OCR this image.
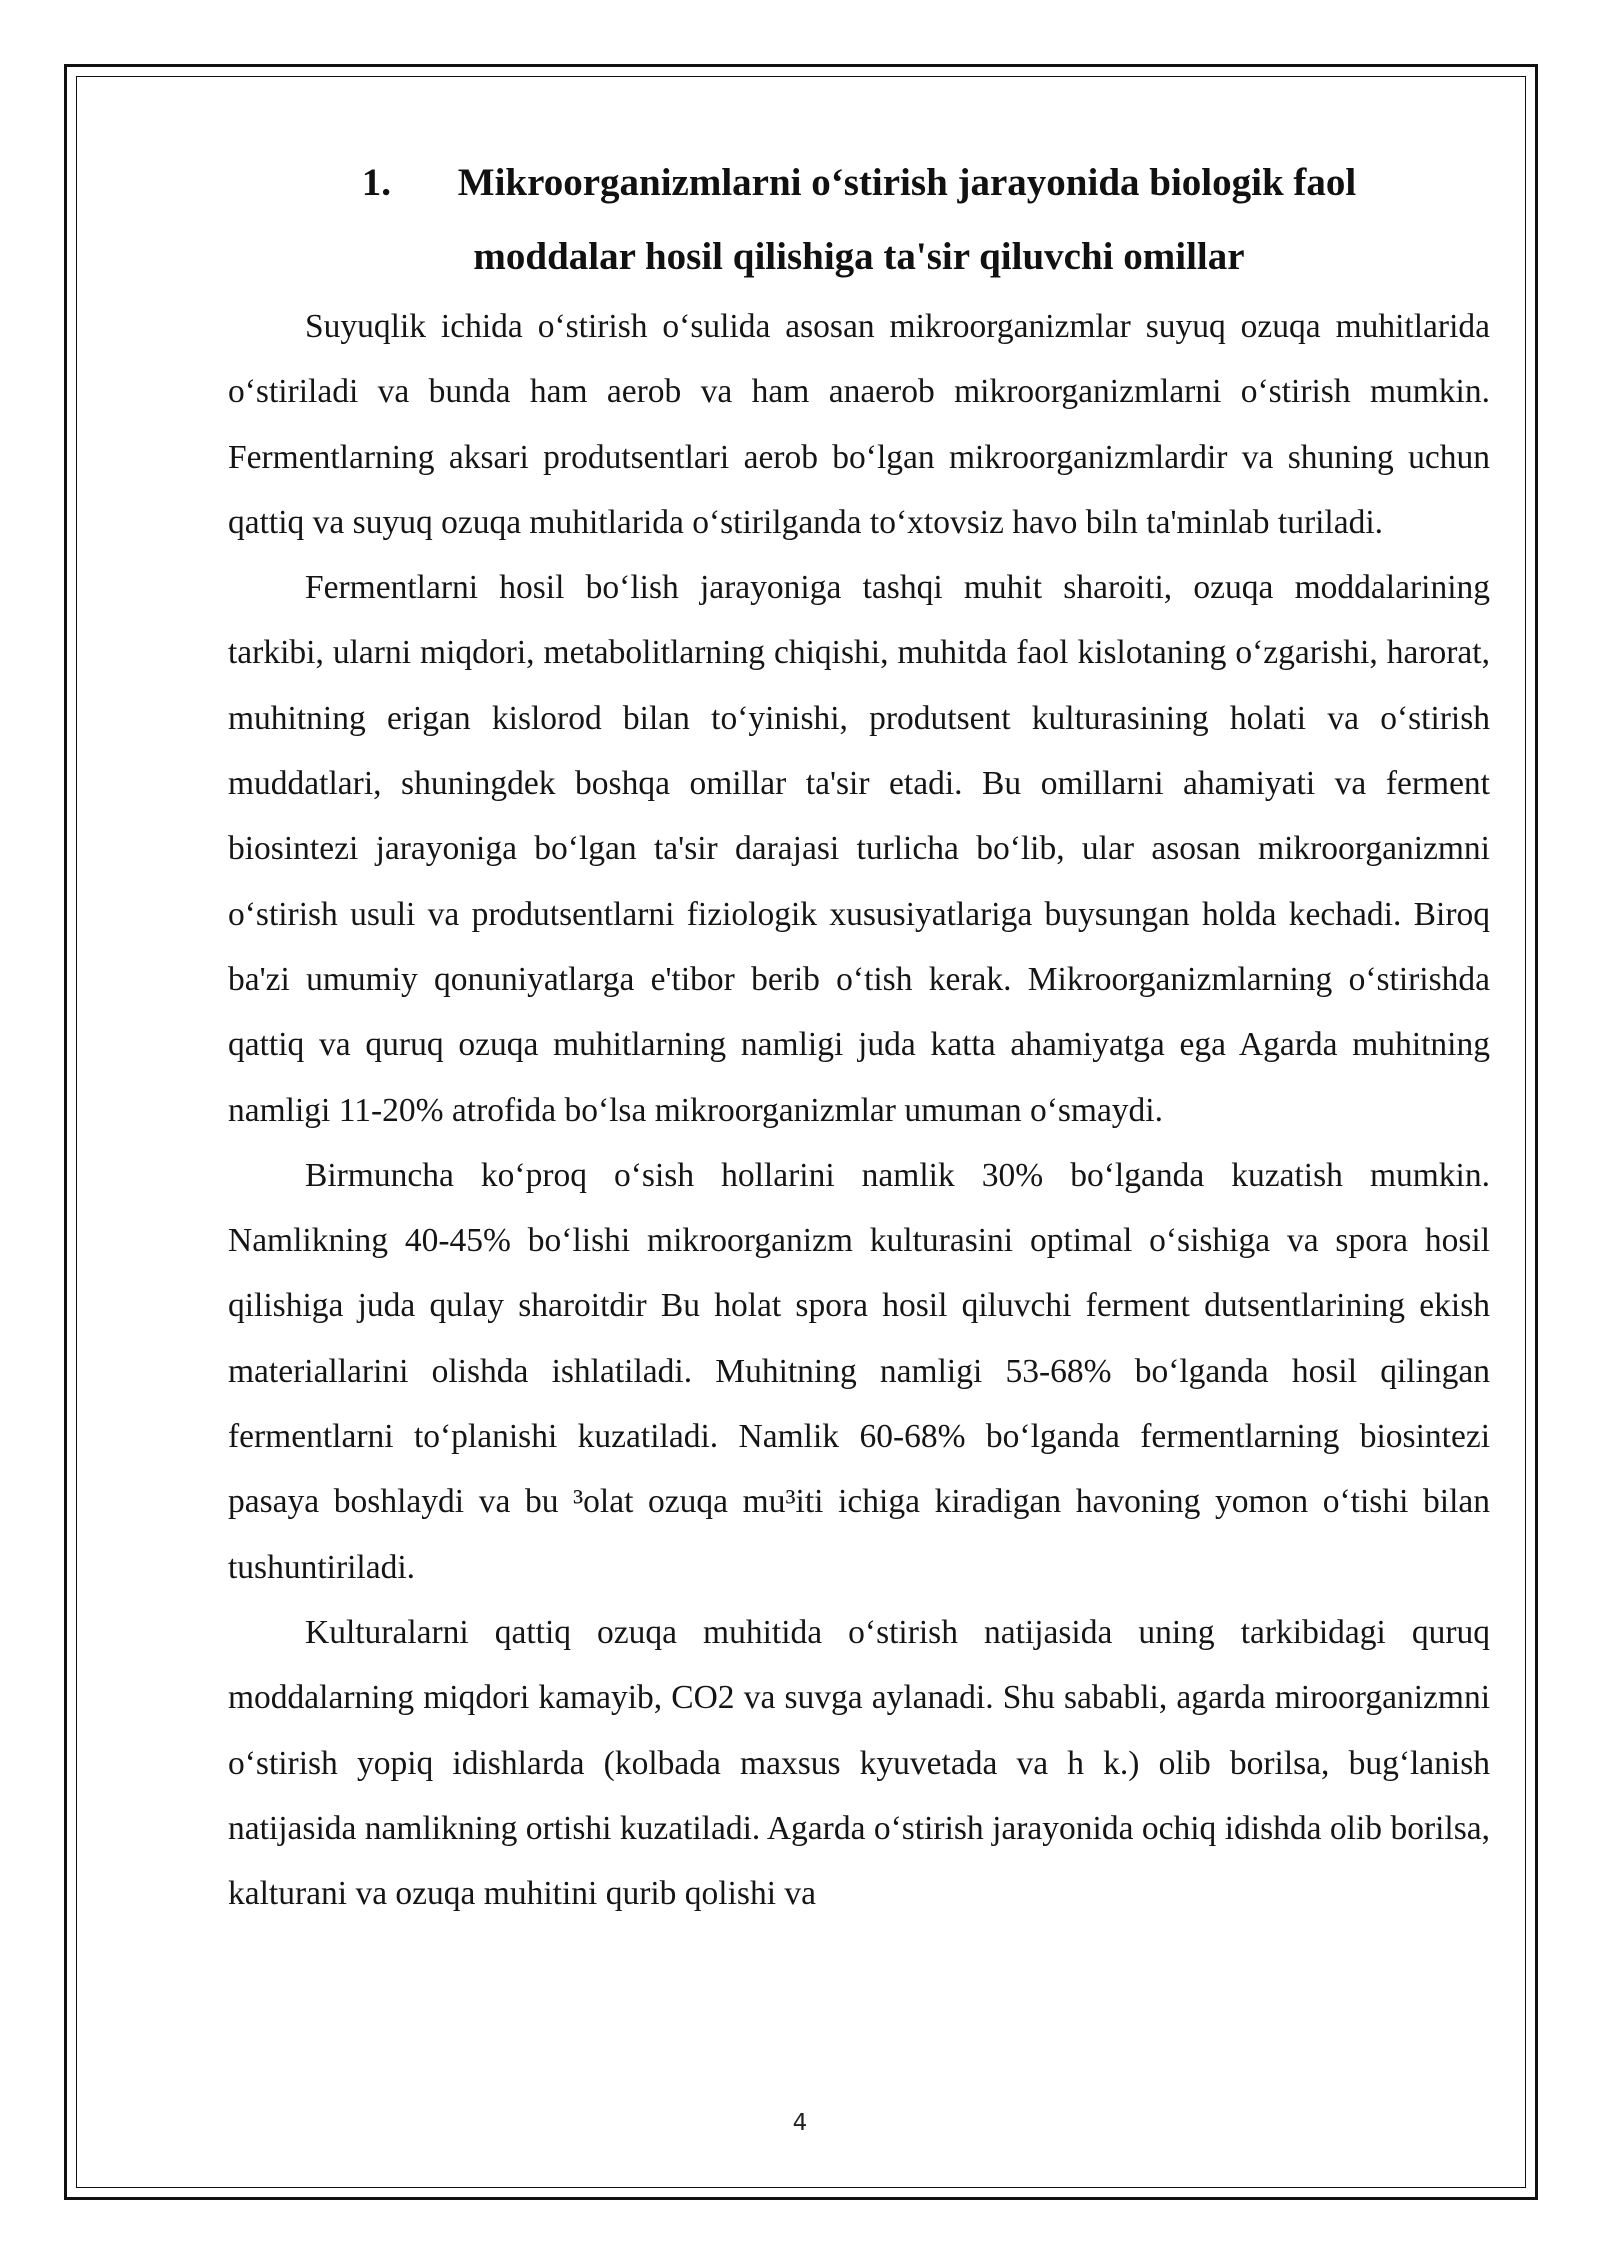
1. Mikroorganizmlarni o‘stirish jarayonida biologik faol
moddalar hosil qilishiga ta'sir qiluvchi omillar

Suyuqlik ichida o‘stirish o‘sulida asosan mikroorganizmlar suyuq ozuqa muhitlarida o‘stiriladi va bunda ham aerob va ham anaerob mikroorganizmlarni o‘stirish mumkin. Fermentlarning aksari produtsentlari aerob bo‘lgan mikroorganizmlardir va shuning uchun qattiq va suyuq ozuqa muhitlarida o‘stirilganda to‘xtovsiz havo biln ta'minlab turiladi.

Fermentlarni hosil bo‘lish jarayoniga tashqi muhit sharoiti, ozuqa moddalarining tarkibi, ularni miqdori, metabolitlarning chiqishi, muhitda faol kislotaning o‘zgarishi, harorat, muhitning erigan kislorod bilan to‘yinishi, produtsent kulturasining holati va o‘stirish muddatlari, shuningdek boshqa omillar ta'sir etadi. Bu omillarni ahamiyati va ferment biosintezi jarayoniga bo‘lgan ta'sir darajasi turlicha bo‘lib, ular asosan mikroorganizmni o‘stirish usuli va produtsentlarni fiziologik xususiyatlariga buysungan holda kechadi. Biroq ba'zi umumiy qonuniyatlarga e'tibor berib o‘tish kerak. Mikroorganizmlarning o‘stirishda qattiq va quruq ozuqa muhitlarning namligi juda katta ahamiyatga ega Agarda muhitning namligi 11-20% atrofida bo‘lsa mikroorganizmlar umuman o‘smaydi.

Birmuncha ko‘proq o‘sish hollarini namlik 30% bo‘lganda kuzatish mumkin. Namlikning 40-45% bo‘lishi mikroorganizm kulturasini optimal o‘sishiga va spora hosil qilishiga juda qulay sharoitdir Bu holat spora hosil qiluvchi ferment dutsentlarining ekish materiallarini olishda ishlatiladi. Muhitning namligi 53-68% bo‘lganda hosil qilingan fermentlarni to‘planishi kuzatiladi. Namlik 60-68% bo‘lganda fermentlarning biosintezi pasaya boshlaydi va bu ³olat ozuqa mu³iti ichiga kiradigan havoning yomon o‘tishi bilan tushuntiriladi.

Kulturalarni qattiq ozuqa muhitida o‘stirish natijasida uning tarkibidagi quruq moddalarning miqdori kamayib, CO2 va suvga aylanadi. Shu sababli, agarda miroorganizmni o‘stirish yopiq idishlarda (kolbada maxsus kyuvetada va h k.) olib borilsa, bug‘lanish natijasida namlikning ortishi kuzatiladi. Agarda o‘stirish jarayonida ochiq idishda olib borilsa, kalturani va ozuqa muhitini qurib qolishi va

4
